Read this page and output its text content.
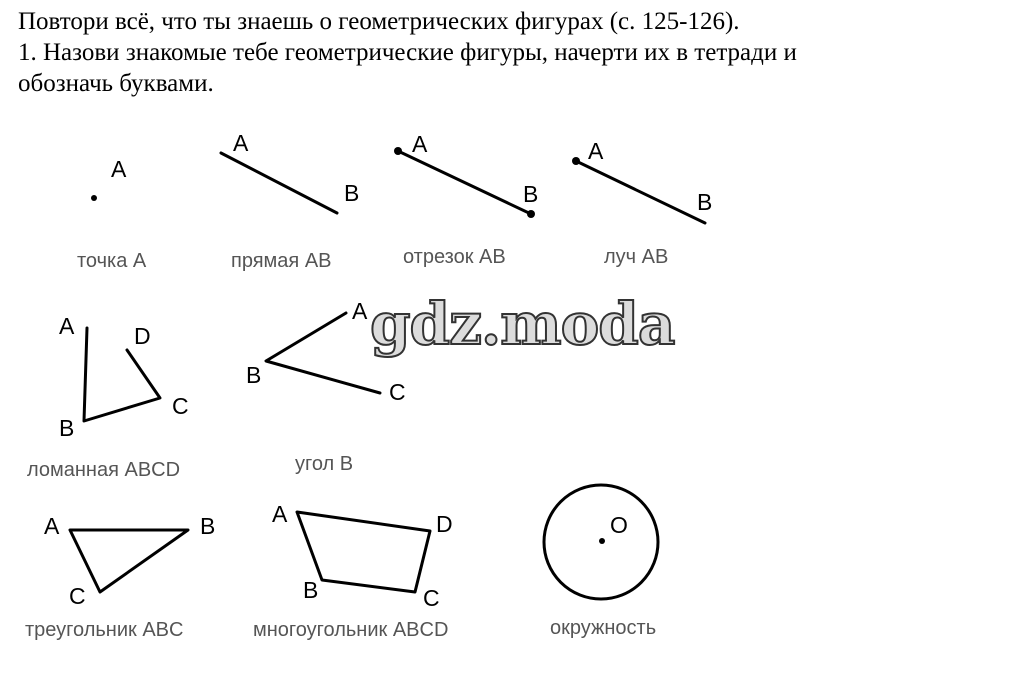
Повтори всё, что ты знаешь о геометрических фигурах (с. 125-126).
1. Назови знакомые тебе геометрические фигуры, начерти их в тетради и
обозначь буквами.
A
точка A
A
B
прямая AB
A
B
отрезок AB
A
B
луч AB
A
B
C
D
ломанная ABCD
A
B
C
угол B
A	B
C
треугольник ABC
A
B	C
D
многоугольник ABCD
O
окружность
gdz.moda
